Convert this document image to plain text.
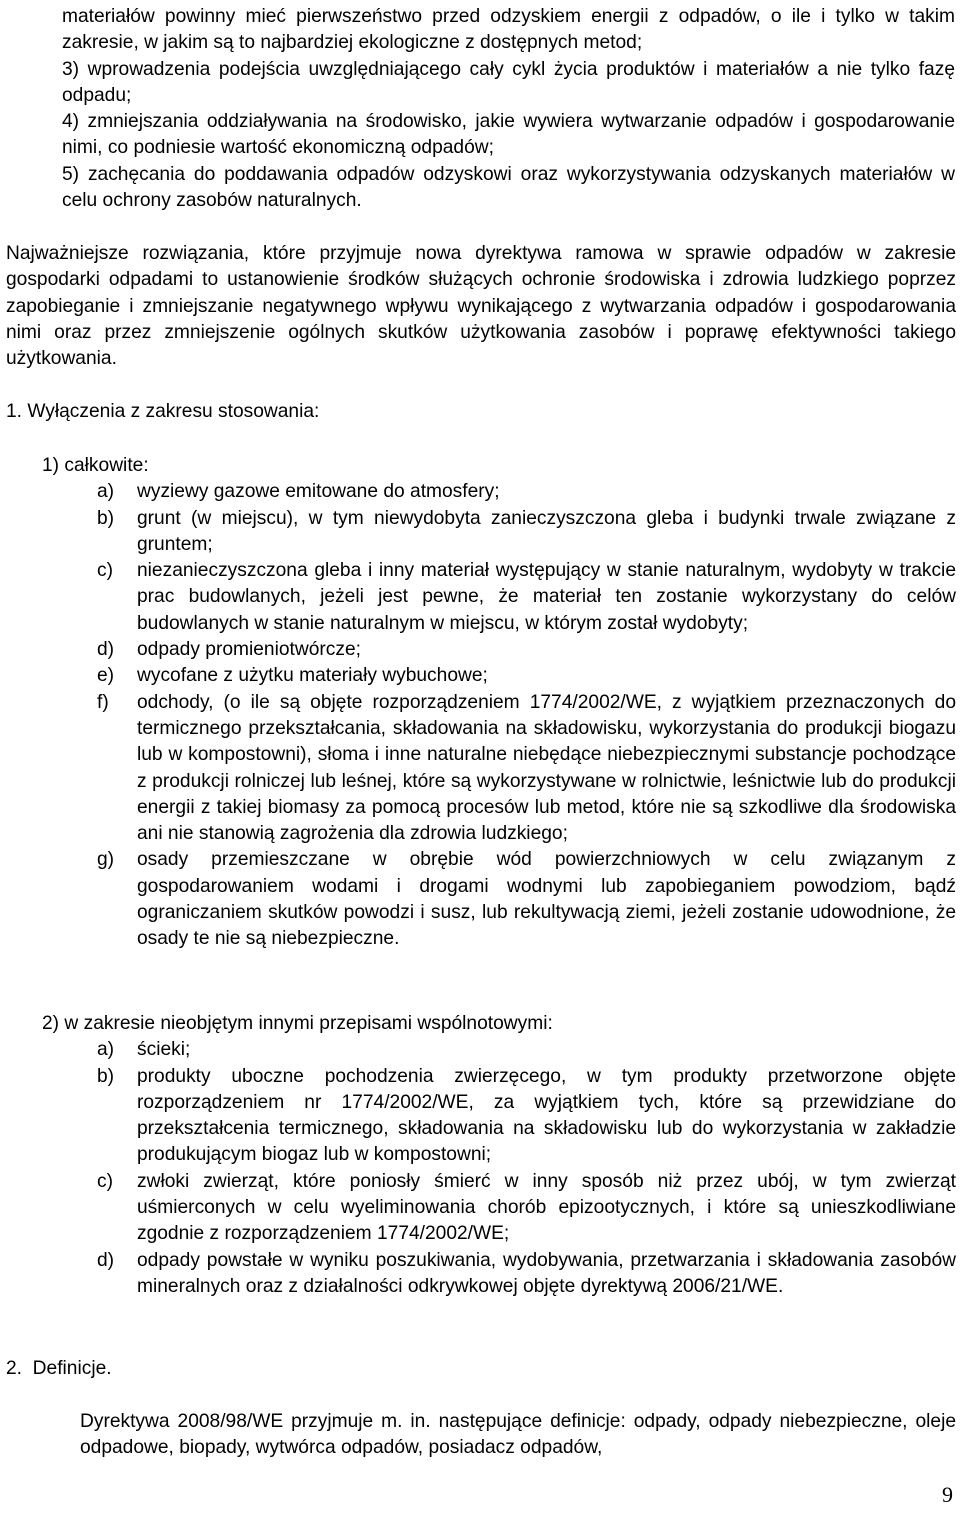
materiałów powinny mieć pierwszeństwo przed odzyskiem energii z odpadów, o ile i tylko w takim zakresie, w jakim są to najbardziej ekologiczne z dostępnych metod;
3) wprowadzenia podejścia uwzględniającego cały cykl życia produktów i materiałów a nie tylko fazę odpadu;
4) zmniejszania oddziaływania na środowisko, jakie wywiera wytwarzanie odpadów i gospodarowanie nimi, co podniesie wartość ekonomiczną odpadów;
5) zachęcania do poddawania odpadów odzyskowi oraz wykorzystywania odzyskanych materiałów w celu ochrony zasobów naturalnych.
Najważniejsze rozwiązania, które przyjmuje nowa dyrektywa ramowa w sprawie odpadów w zakresie gospodarki odpadami to ustanowienie środków służących ochronie środowiska i zdrowia ludzkiego poprzez zapobieganie i zmniejszanie negatywnego wpływu wynikającego z wytwarzania odpadów i gospodarowania nimi oraz przez zmniejszenie ogólnych skutków użytkowania zasobów i poprawę efektywności takiego użytkowania.
1. Wyłączenia z zakresu stosowania:
1) całkowite:
a)	wyziewy gazowe emitowane do atmosfery;
b)	grunt (w miejscu), w tym niewydobyta zanieczyszczona gleba i budynki trwale związane z gruntem;
c)	niezanieczyszczona gleba i inny materiał występujący w stanie naturalnym, wydobyty w trakcie prac budowlanych, jeżeli jest pewne, że materiał ten zostanie wykorzystany do celów budowlanych w stanie naturalnym w miejscu, w którym został wydobyty;
d)	odpady promieniotwórcze;
e)	wycofane z użytku materiały wybuchowe;
f)	odchody, (o ile są objęte rozporządzeniem 1774/2002/WE, z wyjątkiem przeznaczonych do termicznego przekształcania, składowania na składowisku, wykorzystania do produkcji biogazu lub w kompostowni), słoma i inne naturalne niebędące niebezpiecznymi substancje pochodzące z produkcji rolniczej lub leśnej, które są wykorzystywane w rolnictwie, leśnictwie lub do produkcji energii z takiej biomasy za pomocą procesów lub metod, które nie są szkodliwe dla środowiska ani nie stanowią zagrożenia dla zdrowia ludzkiego;
g)	osady przemieszczane w obrębie wód powierzchniowych w celu związanym z gospodarowaniem wodami i drogami wodnymi lub zapobieganiem powodziom, bądź ograniczaniem skutków powodzi i susz, lub rekultywacją ziemi, jeżeli zostanie udowodnione, że osady te nie są niebezpieczne.
2) w zakresie nieobjętym innymi przepisami wspólnotowymi:
a)	ścieki;
b)	produkty uboczne pochodzenia zwierzęcego, w tym produkty przetworzone objęte rozporządzeniem nr 1774/2002/WE, za wyjątkiem tych, które są przewidziane do przekształcenia termicznego, składowania na składowisku lub do wykorzystania w zakładzie produkującym biogaz lub w kompostowni;
c)	zwłoki zwierząt, które poniosły śmierć w inny sposób niż przez ubój, w tym zwierząt uśmierconych w celu wyeliminowania chorób epizootycznych, i które są unieszkodliwiane zgodnie z rozporządzeniem 1774/2002/WE;
d)	odpady powstałe w wyniku poszukiwania, wydobywania, przetwarzania i składowania zasobów mineralnych oraz z działalności odkrywkowej objęte dyrektywą 2006/21/WE.
2.  Definicje.
Dyrektywa 2008/98/WE przyjmuje m. in. następujące definicje: odpady, odpady niebezpieczne, oleje odpadowe, biopady, wytwórca odpadów, posiadacz odpadów,
9
